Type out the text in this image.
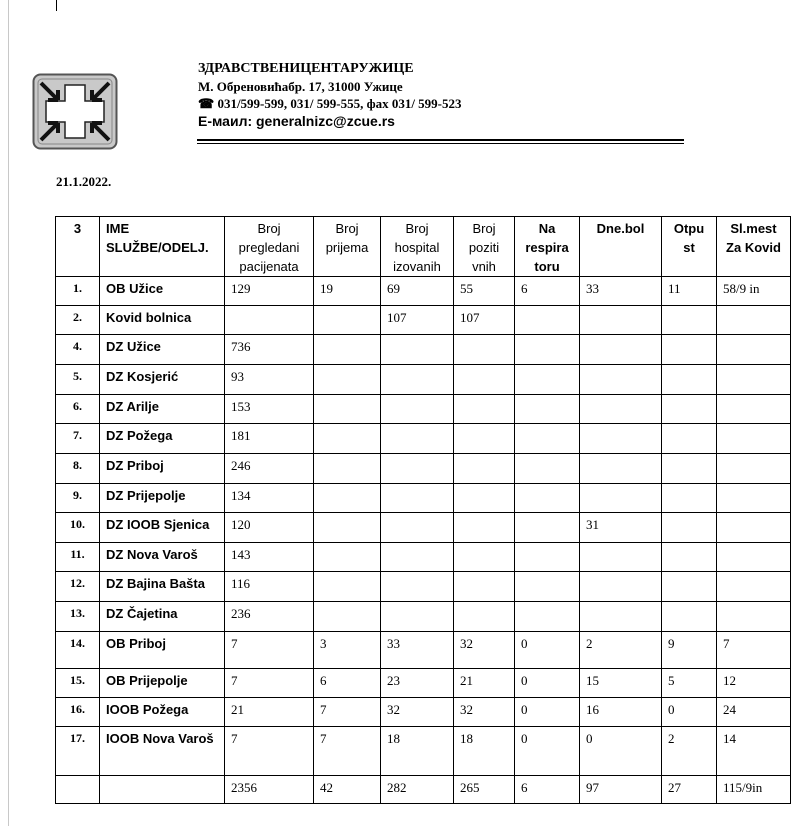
ЗДРАВСТВЕНИЦЕНТАРУЖИЦЕ
М. Обреновићабр. 17, 31000 Ужице
☎ 031/599-599, 031/ 599-555, фах 031/ 599-523
E-маил: generalnizc@zcue.rs
21.1.2022.
3	IME SLUŽBE/ODELJ.	Broj pregledani pacijenata	Broj prijema	Broj hospital izovanih	Broj poziti vnih	Na respira toru	Dne.bol	Otpu st	Sl.mest Za Kovid
1.	OB Užice	129	19	69	55	6	33	11	58/9 in
2.	Kovid bolnica			107	107				
4.	DZ Užice	736							
5.	DZ Kosjerić	93							
6.	DZ Arilje	153							
7.	DZ Požega	181							
8.	DZ Priboj	246							
9.	DZ Prijepolje	134							
10.	DZ IOOB Sjenica	120					31		
11.	DZ Nova Varoš	143							
12.	DZ Bajina Bašta	116							
13.	DZ Čajetina	236							
14.	OB Priboj	7	3	33	32	0	2	9	7
15.	OB Prijepolje	7	6	23	21	0	15	5	12
16.	IOOB Požega	21	7	32	32	0	16	0	24
17.	IOOB Nova Varoš	7	7	18	18	0	0	2	14
		2356	42	282	265	6	97	27	115/9in
